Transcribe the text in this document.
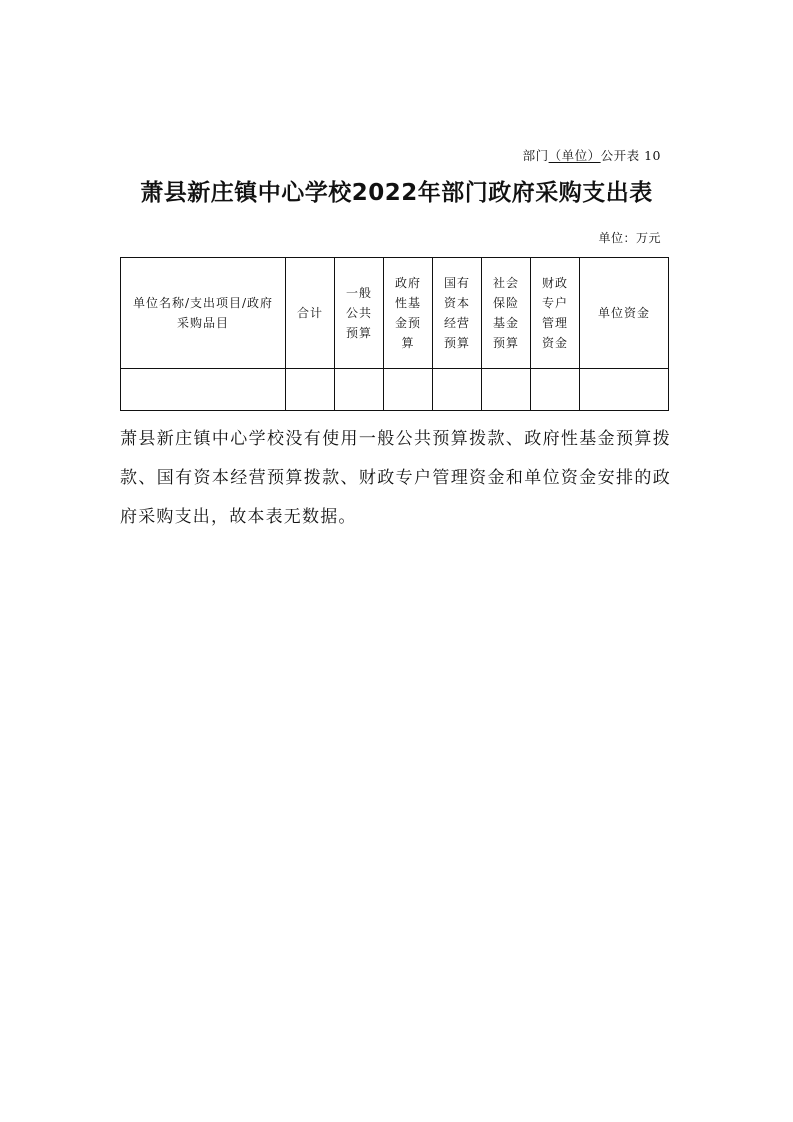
部门（单位）公开表 10
萧县新庄镇中心学校2022年部门政府采购支出表
单位：万元
单位名称/支出项目/政府采购品目	合计	一般公共预算	政府性基金预算	国有资本经营预算	社会保险基金预算	财政专户管理资金	单位资金

萧县新庄镇中心学校没有使用一般公共预算拨款、政府性基金预算拨款、国有资本经营预算拨款、财政专户管理资金和单位资金安排的政府采购支出，故本表无数据。
